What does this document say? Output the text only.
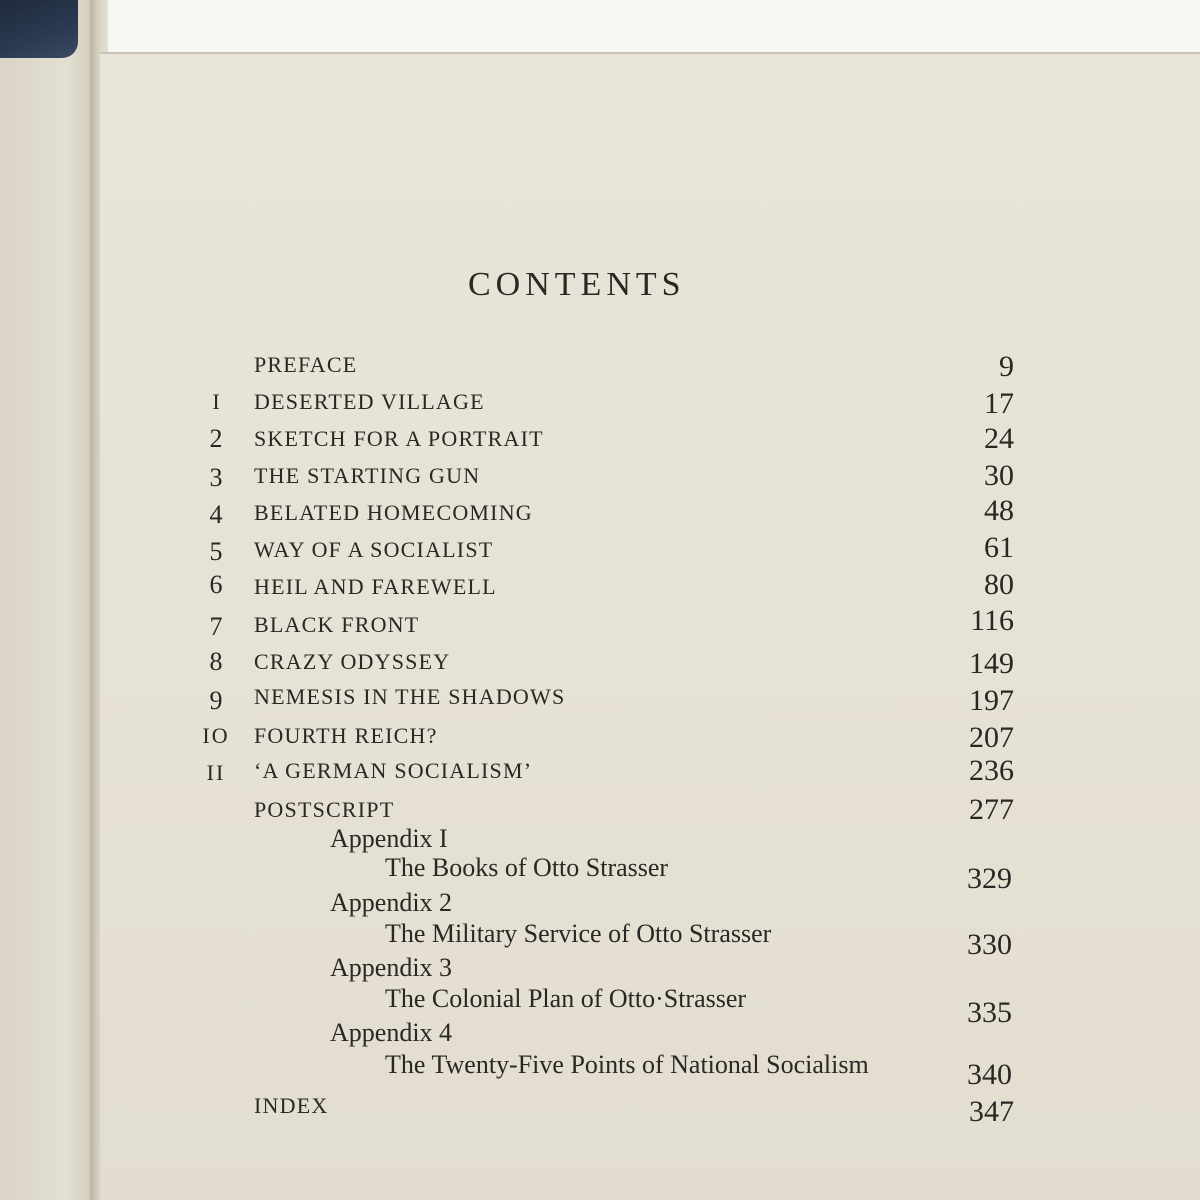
CONTENTS
PREFACE	9
I	DESERTED VILLAGE	17
2	SKETCH FOR A PORTRAIT	24
3	THE STARTING GUN	30
4	BELATED HOMECOMING	48
5	WAY OF A SOCIALIST	61
6	HEIL AND FAREWELL	80
7	BLACK FRONT	116
8	CRAZY ODYSSEY	149
9	NEMESIS IN THE SHADOWS	197
IO FOURTH REICH?	207
II	‘A GERMAN SOCIALISM’	236
POSTSCRIPT	277
Appendix I
The Books of Otto Strasser	329
Appendix 2
The Military Service of Otto Strasser	330
Appendix 3
The Colonial Plan of Otto·Strasser	335
Appendix 4
The Twenty-Five Points of National Socialism	340
INDEX	347
